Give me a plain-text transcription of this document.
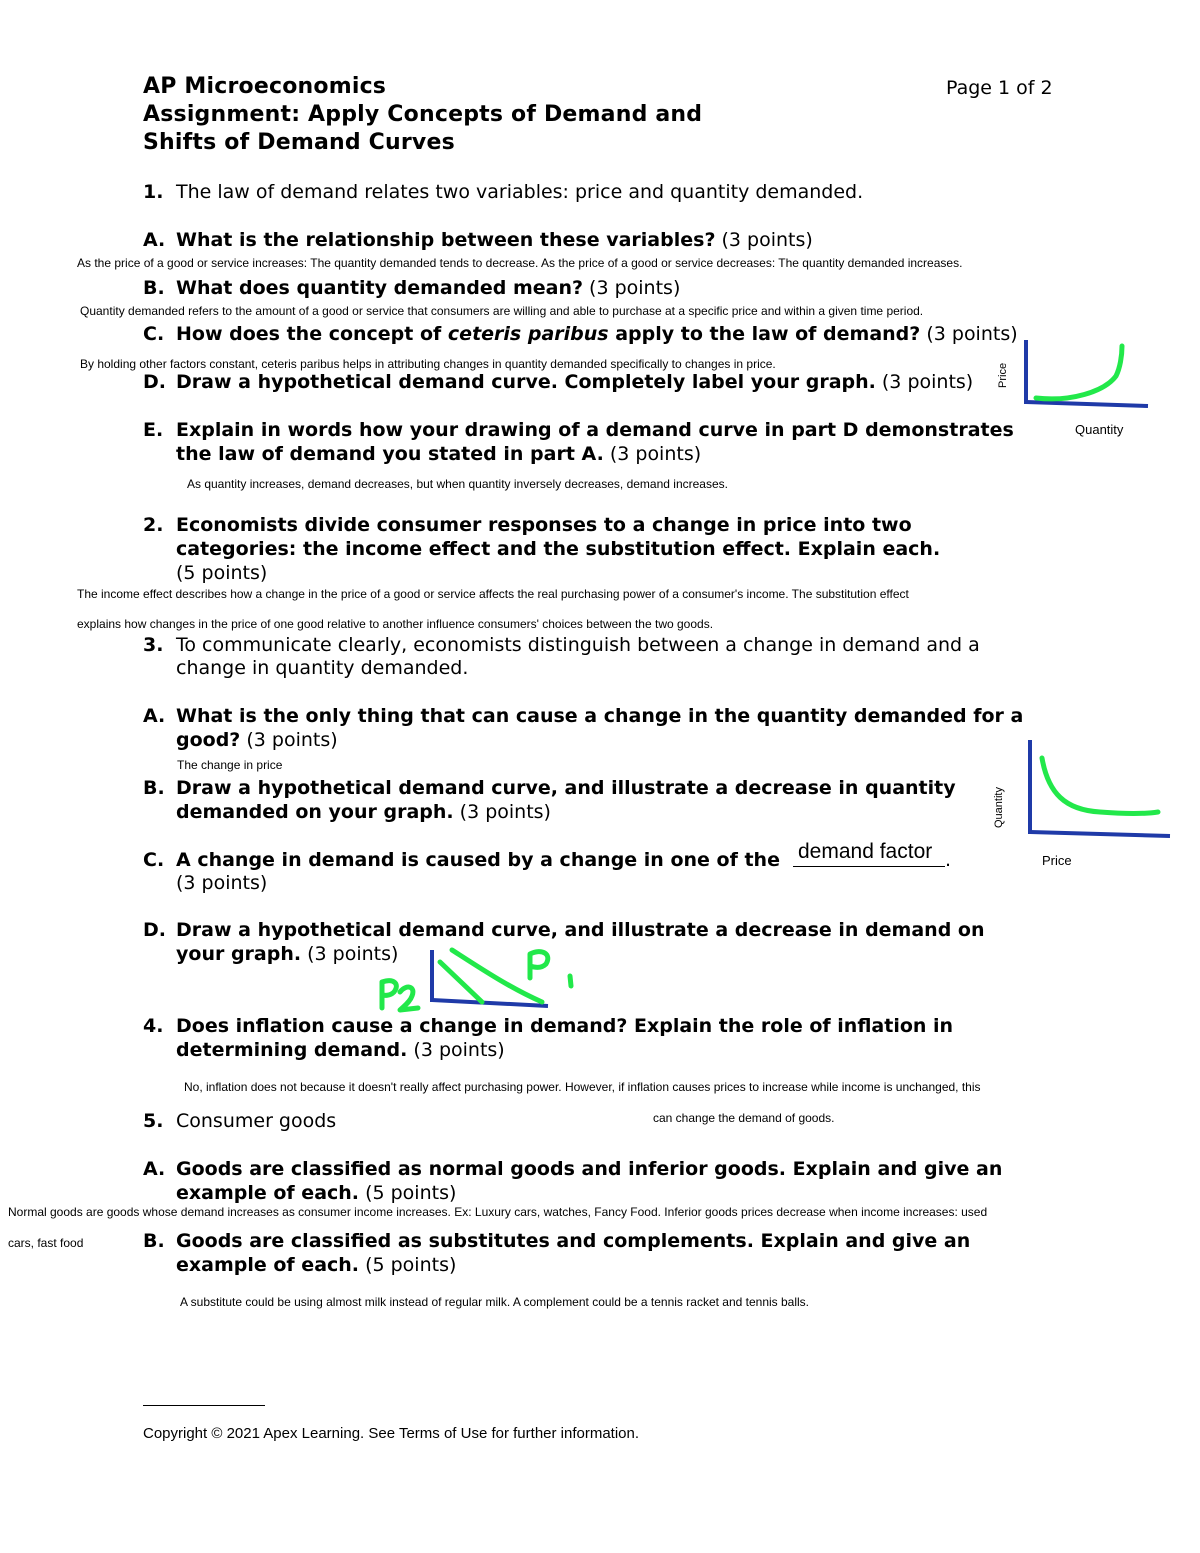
AP Microeconomics
Assignment: Apply Concepts of Demand and
Shifts of Demand Curves
Page 1 of 2
1. The law of demand relates two variables: price and quantity demanded.
A. What is the relationship between these variables? (3 points)
As the price of a good or service increases: The quantity demanded tends to decrease. As the price of a good or service decreases: The quantity demanded increases.
B. What does quantity demanded mean? (3 points)
Quantity demanded refers to the amount of a good or service that consumers are willing and able to purchase at a specific price and within a given time period.
C. How does the concept of ceteris paribus apply to the law of demand? (3 points)
By holding other factors constant, ceteris paribus helps in attributing changes in quantity demanded specifically to changes in price.
D. Draw a hypothetical demand curve. Completely label your graph. (3 points) Price
Quantity
E. Explain in words how your drawing of a demand curve in part D demonstrates
the law of demand you stated in part A. (3 points)
As quantity increases, demand decreases, but when quantity inversely decreases, demand increases.
2. Economists divide consumer responses to a change in price into two
categories: the income effect and the substitution effect. Explain each.
(5 points)
The income effect describes how a change in the price of a good or service affects the real purchasing power of a consumer's income. The substitution effect
explains how changes in the price of one good relative to another influence consumers' choices between the two goods.
3. To communicate clearly, economists distinguish between a change in demand and a
change in quantity demanded.
A. What is the only thing that can cause a change in the quantity demanded for a
good? (3 points)
The change in price
B. Draw a hypothetical demand curve, and illustrate a decrease in quantity
demanded on your graph. (3 points)	Quantity
Price
C. A change in demand is caused by a change in one of the demand factor .
(3 points)
D. Draw a hypothetical demand curve, and illustrate a decrease in demand on
your graph. (3 points)
4. Does inflation cause a change in demand? Explain the role of inflation in
determining demand. (3 points)
No, inflation does not because it doesn't really affect purchasing power. However, if inflation causes prices to increase while income is unchanged, this
can change the demand of goods.
5. Consumer goods
A. Goods are classified as normal goods and inferior goods. Explain and give an
example of each. (5 points)
Normal goods are goods whose demand increases as consumer income increases. Ex: Luxury cars, watches, Fancy Food. Inferior goods prices decrease when income increases: used
cars, fast food	B. Goods are classified as substitutes and complements. Explain and give an
example of each. (5 points)
A substitute could be using almost milk instead of regular milk. A complement could be a tennis racket and tennis balls.
Copyright © 2021 Apex Learning. See Terms of Use for further information.
